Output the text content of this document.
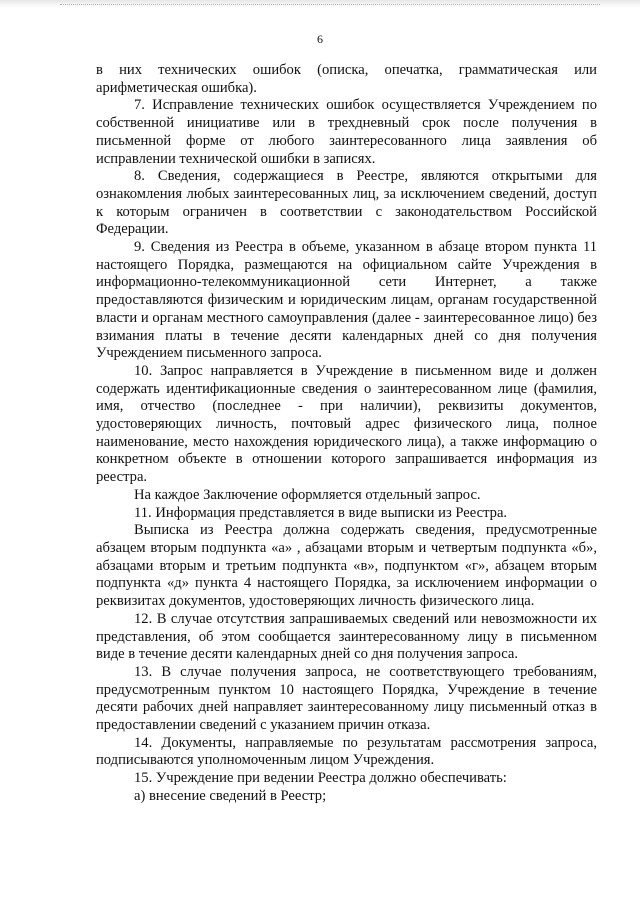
6

в них технических ошибок (описка, опечатка, грамматическая или арифметическая ошибка).

7. Исправление технических ошибок осуществляется Учреждением по собственной инициативе или в трехдневный срок после получения в письменной форме от любого заинтересованного лица заявления об исправлении технической ошибки в записях.

8. Сведения, содержащиеся в Реестре, являются открытыми для ознакомления любых заинтересованных лиц, за исключением сведений, доступ к которым ограничен в соответствии с законодательством Российской Федерации.

9. Сведения из Реестра в объеме, указанном в абзаце втором пункта 11 настоящего Порядка, размещаются на официальном сайте Учреждения в информационно-телекоммуникационной сети Интернет, а также предоставляются физическим и юридическим лицам, органам государственной власти и органам местного самоуправления (далее - заинтересованное лицо) без взимания платы в течение десяти календарных дней со дня получения Учреждением письменного запроса.

10. Запрос направляется в Учреждение в письменном виде и должен содержать идентификационные сведения о заинтересованном лице (фамилия, имя, отчество (последнее - при наличии), реквизиты документов, удостоверяющих личность, почтовый адрес физического лица, полное наименование, место нахождения юридического лица), а также информацию о конкретном объекте в отношении которого запрашивается информация из реестра.

На каждое Заключение оформляется отдельный запрос.

11. Информация представляется в виде выписки из Реестра.

Выписка из Реестра должна содержать сведения, предусмотренные абзацем вторым подпункта «а» , абзацами вторым и четвертым подпункта «б», абзацами вторым и третьим подпункта «в», подпунктом «г», абзацем вторым подпункта «д» пункта 4 настоящего Порядка, за исключением информации о реквизитах документов, удостоверяющих личность физического лица.

12. В случае отсутствия запрашиваемых сведений или невозможности их представления, об этом сообщается заинтересованному лицу в письменном виде в течение десяти календарных дней со дня получения запроса.

13. В случае получения запроса, не соответствующего требованиям, предусмотренным пунктом 10 настоящего Порядка, Учреждение в течение десяти рабочих дней направляет заинтересованному лицу письменный отказ в предоставлении сведений с указанием причин отказа.

14. Документы, направляемые по результатам рассмотрения запроса, подписываются уполномоченным лицом Учреждения.

15. Учреждение при ведении Реестра должно обеспечивать:

а) внесение сведений в Реестр;
